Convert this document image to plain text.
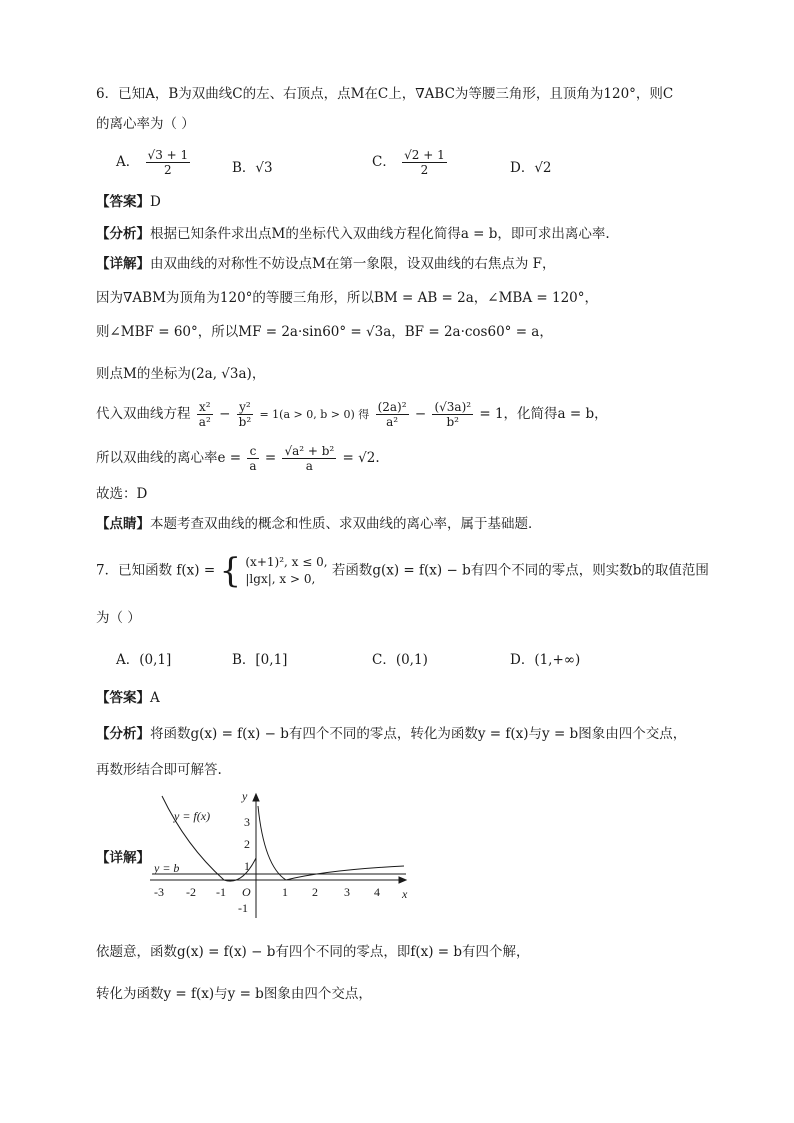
6．已知A，B为双曲线C的左、右顶点，点M在C上，∇ABC为等腰三角形，且顶角为120°，则C
的离心率为（ ）
A． $\frac{√3 + 1}{2}$	B．√3	C． $\frac{√2 + 1}{2}$	D．√2
【答案】D
【分析】根据已知条件求出点M的坐标代入双曲线方程化简得a = b，即可求出离心率.
【详解】由双曲线的对称性不妨设点M在第一象限，设双曲线的右焦点为 F，
因为∇ABM为顶角为120°的等腰三角形，所以BM = AB = 2a，∠MBA = 120°，
则∠MBF = 60°，所以MF = 2a·sin60° = √3a，BF = 2a·cos60° = a，
则点M的坐标为(2a, √3a)，
代入双曲线方程 $\frac{\text{x²}}{\text{a²}} - \frac{\text{y²}}{\text{b²}} = 1(a > 0$, b > 0) 得 $\frac{\text{(2a)²}}{\text{a²}} - \frac{\text{(√3a)²}}{\text{b²}} = 1$，化简得a = b，
所以双曲线的离心率$e = \frac{c}{a} = \frac{\text{√a² + b²}}{a} = √2$.
故选：D
【点睛】本题考查双曲线的概念和性质、求双曲线的离心率，属于基础题．
7．已知函数 f(x) = { (x+1)², x ≤ 0,
|lgx|, x > 0,
若函数g(x) = f(x) − b有四个不同的零点，则实数b的取值范围
为（ ）
A．(0,1]	B．[0,1]	C．(0,1)	D．(1,+∞)
【答案】A
【分析】将函数g(x) = f(x) − b有四个不同的零点，转化为函数y = f(x)与y = b图象由四个交点，
再数形结合即可解答.
【详解】
y = f(x)
y = b
y
x
O
-3 -2 -1	1 2 3 4
3
2
1
-1
依题意，函数g(x) = f(x) − b有四个不同的零点，即f(x) = b有四个解，
转化为函数y = f(x)与y = b图象由四个交点，
